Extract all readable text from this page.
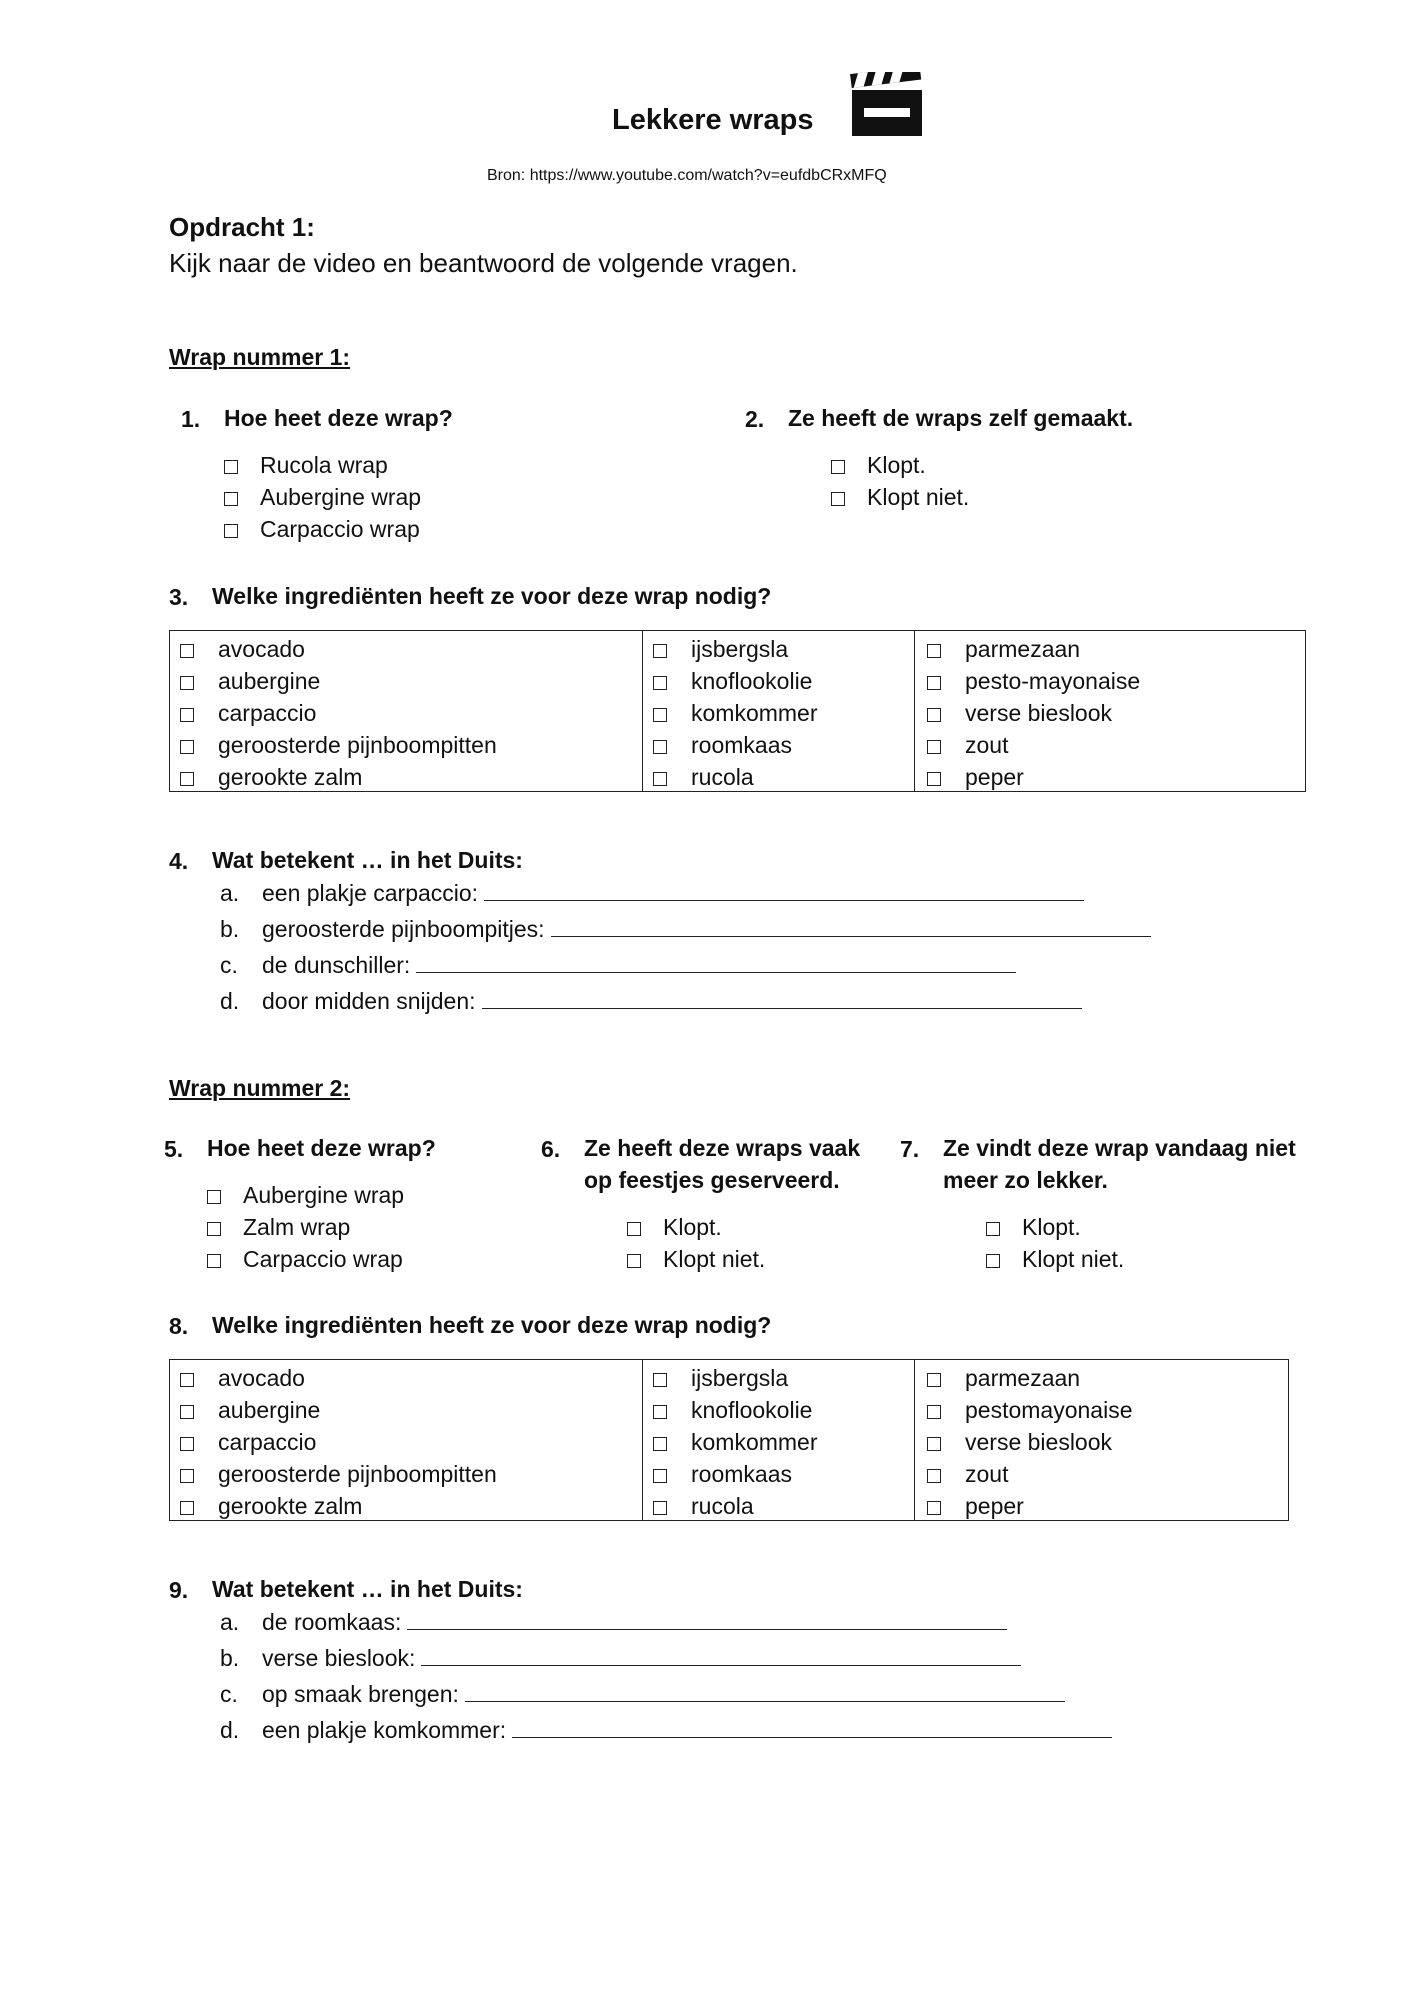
Lekkere wraps
Bron: https://www.youtube.com/watch?v=eufdbCRxMFQ
Opdracht 1:
Kijk naar de video en beantwoord de volgende vragen.
Wrap nummer 1:
1. Hoe heet deze wrap?
Rucola wrap
Aubergine wrap
Carpaccio wrap
2. Ze heeft de wraps zelf gemaakt.
Klopt.
Klopt niet.
3. Welke ingrediënten heeft ze voor deze wrap nodig?
avocado
aubergine
carpaccio
geroosterde pijnboompitten
gerookte zalm
ijsbergsla
knoflookolie
komkommer
roomkaas
rucola
parmezaan
pesto-mayonaise
verse bieslook
zout
peper
4. Wat betekent … in het Duits:
a. een plakje carpaccio:
b. geroosterde pijnboompitjes:
c. de dunschiller:
d. door midden snijden:
Wrap nummer 2:
5. Hoe heet deze wrap?
Aubergine wrap
Zalm wrap
Carpaccio wrap
6. Ze heeft deze wraps vaak
op feestjes geserveerd.
Klopt.
Klopt niet.
7. Ze vindt deze wrap vandaag niet
meer zo lekker.
Klopt.
Klopt niet.
8. Welke ingrediënten heeft ze voor deze wrap nodig?
avocado
aubergine
carpaccio
geroosterde pijnboompitten
gerookte zalm
ijsbergsla
knoflookolie
komkommer
roomkaas
rucola
parmezaan
pestomayonaise
verse bieslook
zout
peper
9. Wat betekent … in het Duits:
a. de roomkaas:
b. verse bieslook:
c. op smaak brengen:
d. een plakje komkommer:
